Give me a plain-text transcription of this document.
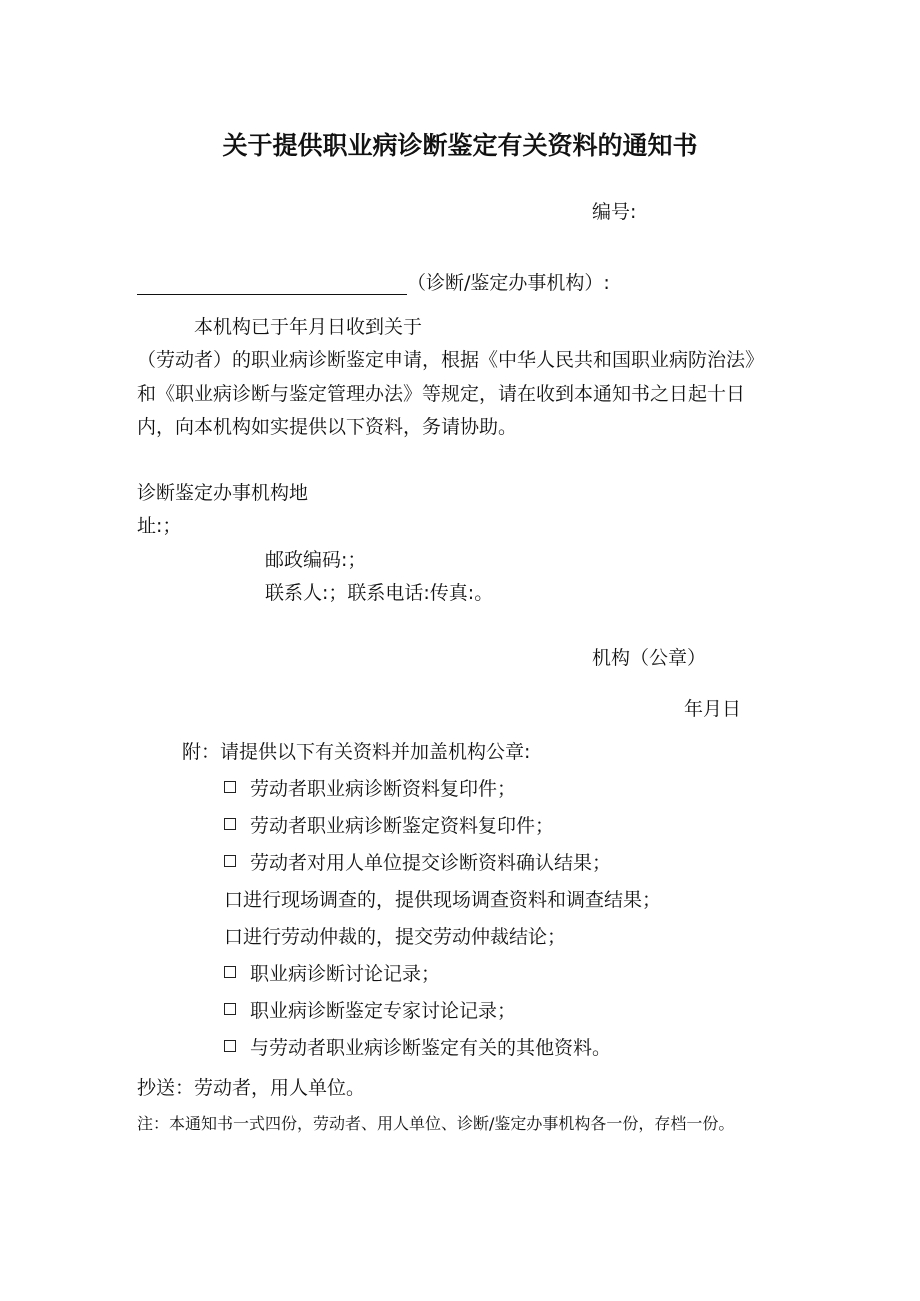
关于提供职业病诊断鉴定有关资料的通知书
编号:
（诊断/鉴定办事机构）:
本机构已于年月日收到关于
（劳动者）的职业病诊断鉴定申请，根据《中华人民共和国职业病防治法》
和《职业病诊断与鉴定管理办法》等规定，请在收到本通知书之日起十日
内，向本机构如实提供以下资料，务请协助。
诊断鉴定办事机构地
址:；
邮政编码:；
联系人:；联系电话:传真:。
机构（公章）
年月日
附：请提供以下有关资料并加盖机构公章:
劳动者职业病诊断资料复印件；
劳动者职业病诊断鉴定资料复印件；
劳动者对用人单位提交诊断资料确认结果；
口进行现场调查的，提供现场调查资料和调查结果；
口进行劳动仲裁的，提交劳动仲裁结论；
职业病诊断讨论记录；
职业病诊断鉴定专家讨论记录；
与劳动者职业病诊断鉴定有关的其他资料。
抄送：劳动者，用人单位。
注：本通知书一式四份，劳动者、用人单位、诊断/鉴定办事机构各一份，存档一份。
